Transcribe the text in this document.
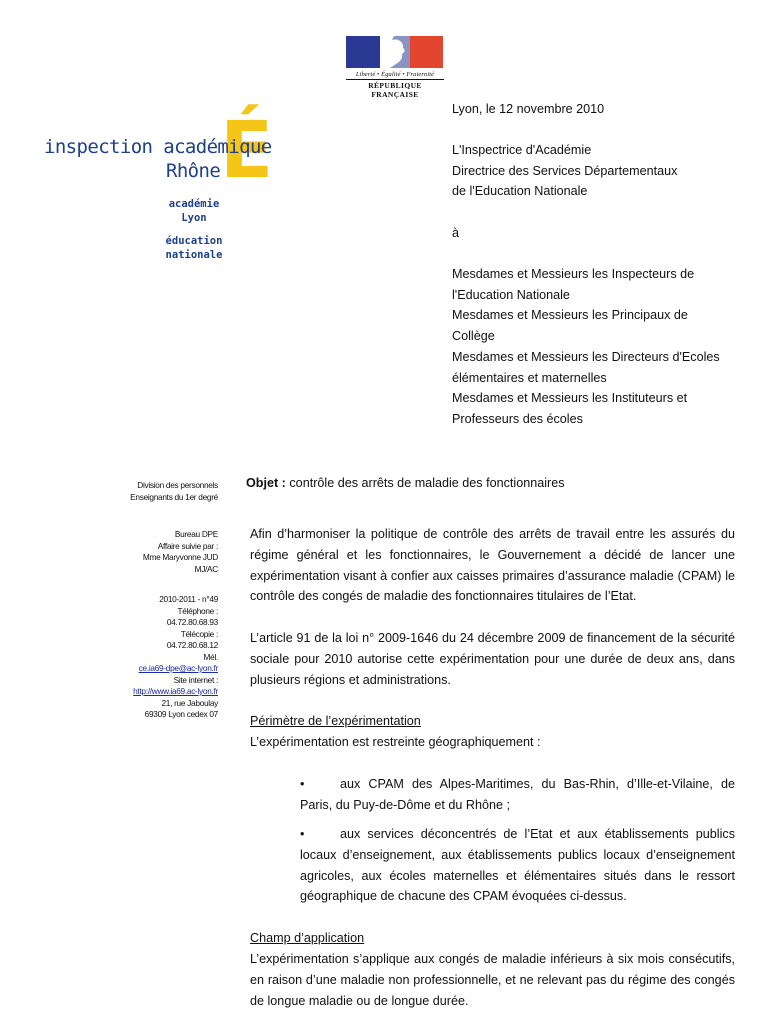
Liberté • Égalité • Fraternité
RÉPUBLIQUE FRANÇAISE
É
inspection académique
Rhône
académie
Lyon
éducation
nationale
Lyon, le 12 novembre 2010
L'Inspectrice d'Académie
Directrice des Services Départementaux
de l'Education Nationale
à
Mesdames et Messieurs les Inspecteurs de
l'Education Nationale
Mesdames et Messieurs les Principaux de
Collège
Mesdames et Messieurs les Directeurs d'Ecoles
élémentaires et maternelles
Mesdames et Messieurs les Instituteurs et
Professeurs des écoles
Division des personnels
Enseignants du 1er degré
Bureau DPE
Affaire suivie par :
Mme Maryvonne JUD
MJ/AC
2010-2011 - n°49
Téléphone :
04.72.80.68.93
Télécopie :
04.72.80.68.12
Mél.
ce.ia69-dpe@ac-lyon.fr
Site internet :
http://www.ia69.ac-lyon.fr
21, rue Jaboulay
69309 Lyon cedex 07
Objet : contrôle des arrêts de maladie des fonctionnaires
Afin d’harmoniser la politique de contrôle des arrêts de travail entre les assurés du régime général et les fonctionnaires, le Gouvernement a décidé de lancer une expérimentation visant à confier aux caisses primaires d’assurance maladie (CPAM) le contrôle des congés de maladie des fonctionnaires titulaires de l’Etat.
L’article 91 de la loi n° 2009-1646 du 24 décembre 2009 de financement de la sécurité sociale pour 2010 autorise cette expérimentation pour une durée de deux ans, dans plusieurs régions et administrations.
Périmètre de l’expérimentation
L’expérimentation est restreinte géographiquement :
•	aux CPAM des Alpes-Maritimes, du Bas-Rhin, d’Ille-et-Vilaine, de Paris, du Puy-de-Dôme et du Rhône ;
•	aux services déconcentrés de l’Etat et aux établissements publics locaux d’enseignement, aux établissements publics locaux d’enseignement agricoles, aux écoles maternelles et élémentaires situés dans le ressort géographique de chacune des CPAM évoquées ci-dessus.
Champ d’application
L’expérimentation s’applique aux congés de maladie inférieurs à six mois consécutifs, en raison d’une maladie non professionnelle, et ne relevant pas du régime des congés de longue maladie ou de longue durée.
